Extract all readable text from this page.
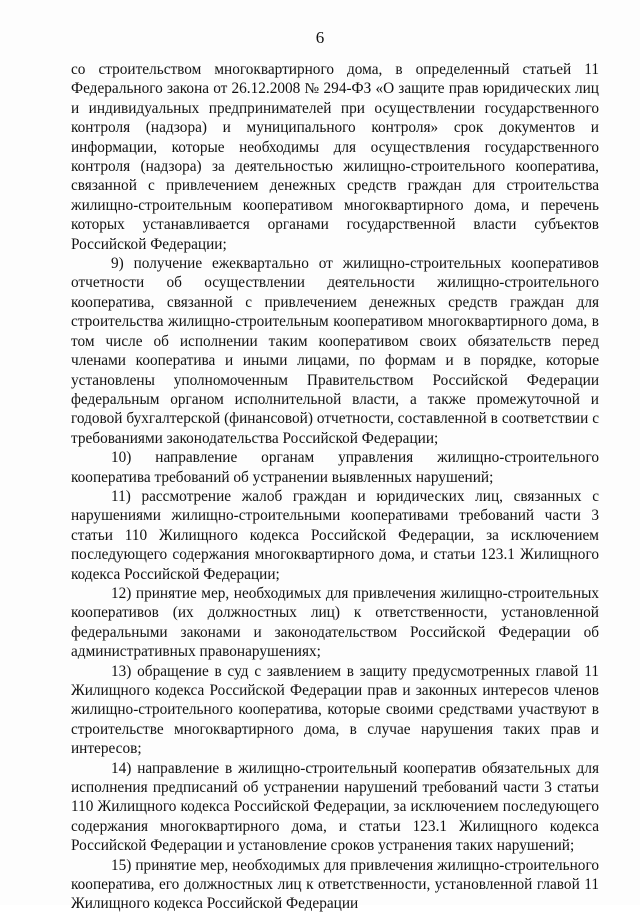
6

со строительством многоквартирного дома, в определенный статьей 11 Федерального закона от 26.12.2008 № 294-ФЗ «О защите прав юридических лиц и индивидуальных предпринимателей при осуществлении государственного контроля (надзора) и муниципального контроля» срок документов и информации, которые необходимы для осуществления государственного контроля (надзора) за деятельностью жилищно-строительного кооператива, связанной с привлечением денежных средств граждан для строительства жилищно-строительным кооперативом многоквартирного дома, и перечень которых устанавливается органами государственной власти субъектов Российской Федерации;

9) получение ежеквартально от жилищно-строительных кооперативов отчетности об осуществлении деятельности жилищно-строительного кооператива, связанной с привлечением денежных средств граждан для строительства жилищно-строительным кооперативом многоквартирного дома, в том числе об исполнении таким кооперативом своих обязательств перед членами кооператива и иными лицами, по формам и в порядке, которые установлены уполномоченным Правительством Российской Федерации федеральным органом исполнительной власти, а также промежуточной и годовой бухгалтерской (финансовой) отчетности, составленной в соответствии с требованиями законодательства Российской Федерации;

10) направление органам управления жилищно-строительного кооператива требований об устранении выявленных нарушений;

11) рассмотрение жалоб граждан и юридических лиц, связанных с нарушениями жилищно-строительными кооперативами требований части 3 статьи 110 Жилищного кодекса Российской Федерации, за исключением последующего содержания многоквартирного дома, и статьи 123.1 Жилищного кодекса Российской Федерации;

12) принятие мер, необходимых для привлечения жилищно-строительных кооперативов (их должностных лиц) к ответственности, установленной федеральными законами и законодательством Российской Федерации об административных правонарушениях;

13) обращение в суд с заявлением в защиту предусмотренных главой 11 Жилищного кодекса Российской Федерации прав и законных интересов членов жилищно-строительного кооператива, которые своими средствами участвуют в строительстве многоквартирного дома, в случае нарушения таких прав и интересов;

14) направление в жилищно-строительный кооператив обязательных для исполнения предписаний об устранении нарушений требований части 3 статьи 110 Жилищного кодекса Российской Федерации, за исключением последующего содержания многоквартирного дома, и статьи 123.1 Жилищного кодекса Российской Федерации и установление сроков устранения таких нарушений;

15) принятие мер, необходимых для привлечения жилищно-строительного кооператива, его должностных лиц к ответственности, установленной главой 11 Жилищного кодекса Российской Федерации
